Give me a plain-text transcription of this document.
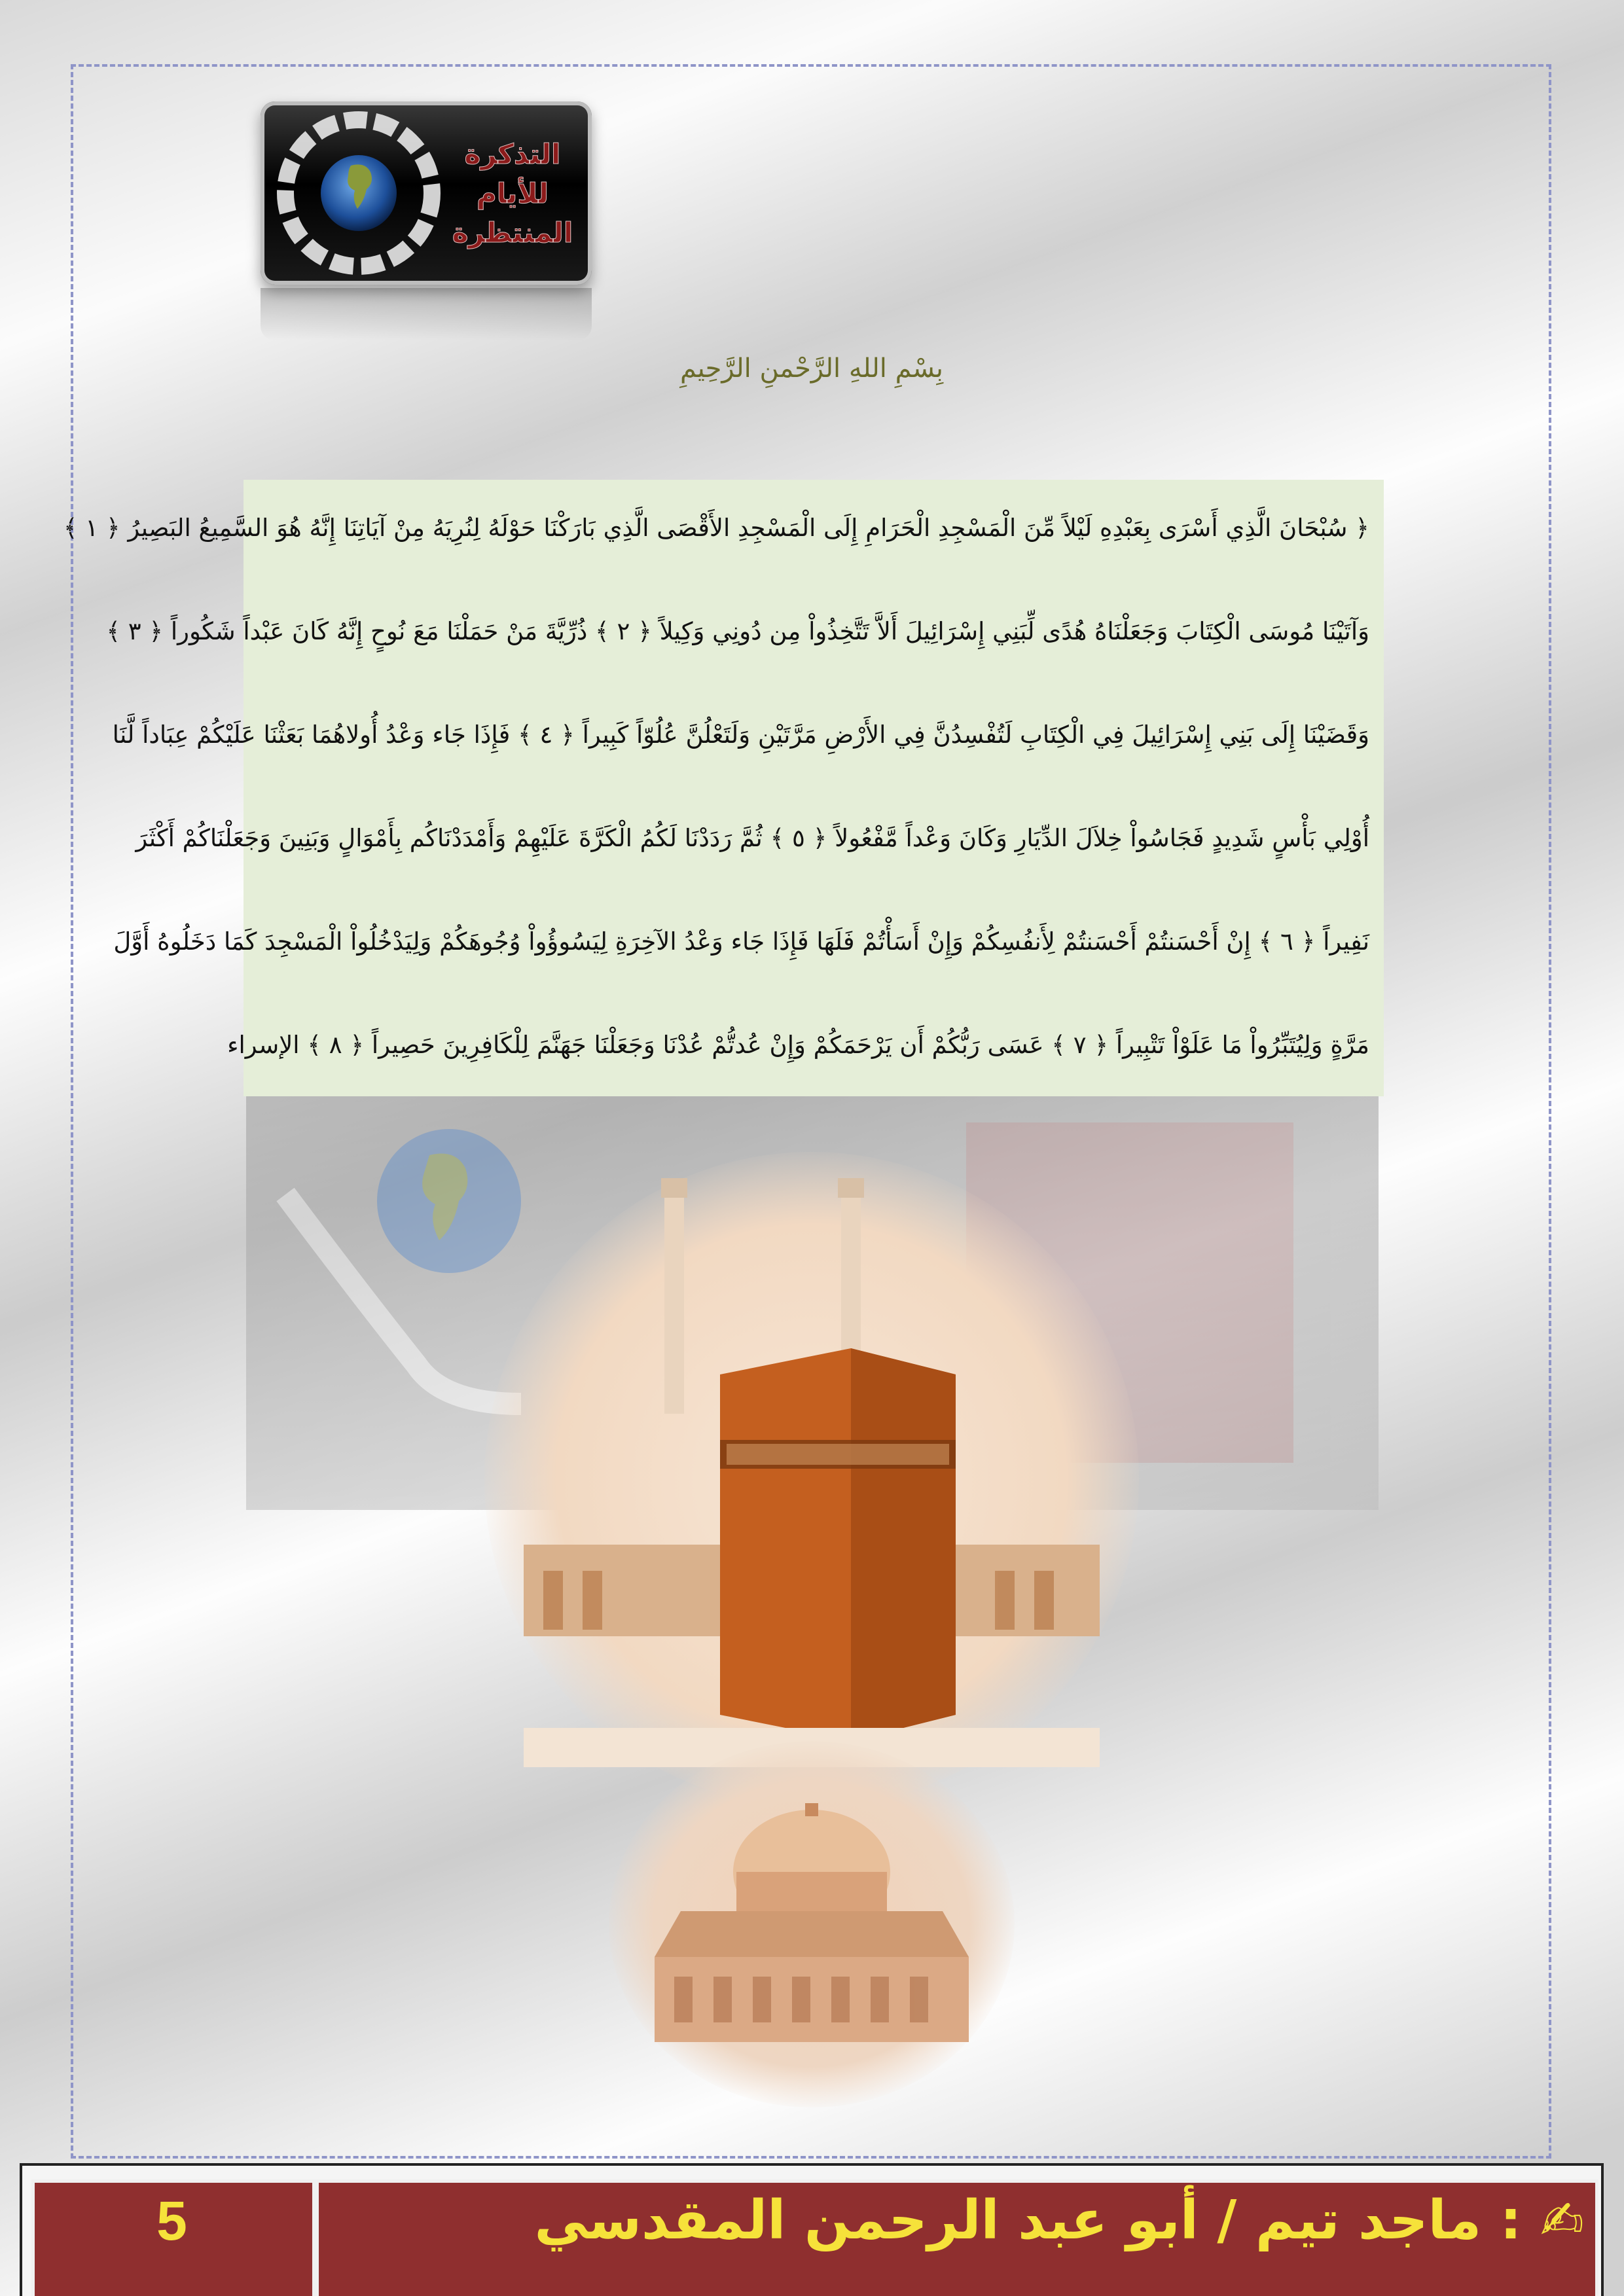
التذكرة
للأيام
المنتظرة
بِسْمِ اللهِ الرَّحْمنِ الرَّحِيمِ
﴿ سُبْحَانَ الَّذِي أَسْرَى بِعَبْدِهِ لَيْلاً مِّنَ الْمَسْجِدِ الْحَرَامِ إِلَى الْمَسْجِدِ الأَقْصَى الَّذِي بَارَكْنَا حَوْلَهُ لِنُرِيَهُ مِنْ آيَاتِنَا إِنَّهُ هُوَ السَّمِيعُ البَصِيرُ ﴿ ١ ﴾
وَآتَيْنَا مُوسَى الْكِتَابَ وَجَعَلْنَاهُ هُدًى لِّبَنِي إِسْرَائِيلَ أَلاَّ تَتَّخِذُواْ مِن دُونِي وَكِيلاً ﴿ ٢ ﴾ ذُرِّيَّةَ مَنْ حَمَلْنَا مَعَ نُوحٍ إِنَّهُ كَانَ عَبْداً شَكُوراً ﴿ ٣ ﴾
وَقَضَيْنَا إِلَى بَنِي إِسْرَائِيلَ فِي الْكِتَابِ لَتُفْسِدُنَّ فِي الأَرْضِ مَرَّتَيْنِ وَلَتَعْلُنَّ عُلُوّاً كَبِيراً ﴿ ٤ ﴾ فَإِذَا جَاء وَعْدُ أُولاهُمَا بَعَثْنَا عَلَيْكُمْ عِبَاداً لَّنَا
أُوْلِي بَأْسٍ شَدِيدٍ فَجَاسُواْ خِلاَلَ الدِّيَارِ وَكَانَ وَعْداً مَّفْعُولاً ﴿ ٥ ﴾ ثُمَّ رَدَدْنَا لَكُمُ الْكَرَّةَ عَلَيْهِمْ وَأَمْدَدْنَاكُم بِأَمْوَالٍ وَبَنِينَ وَجَعَلْنَاكُمْ أَكْثَرَ
نَفِيراً ﴿ ٦ ﴾ إِنْ أَحْسَنتُمْ أَحْسَنتُمْ لِأَنفُسِكُمْ وَإِنْ أَسَأْتُمْ فَلَهَا فَإِذَا جَاء وَعْدُ الآخِرَةِ لِيَسُوؤُواْ وُجُوهَكُمْ وَلِيَدْخُلُواْ الْمَسْجِدَ كَمَا دَخَلُوهُ أَوَّلَ
مَرَّةٍ وَلِيُتَبِّرُواْ مَا عَلَوْاْ تَتْبِيراً ﴿ ٧ ﴾ عَسَى رَبُّكُمْ أَن يَرْحَمَكُمْ وَإِنْ عُدتُّمْ عُدْنَا وَجَعَلْنَا جَهَنَّمَ لِلْكَافِرِينَ حَصِيراً ﴿ ٨ ﴾ الإسراء
5	✍ : ماجد تيم / أبو عبد الرحمن المقدسي
